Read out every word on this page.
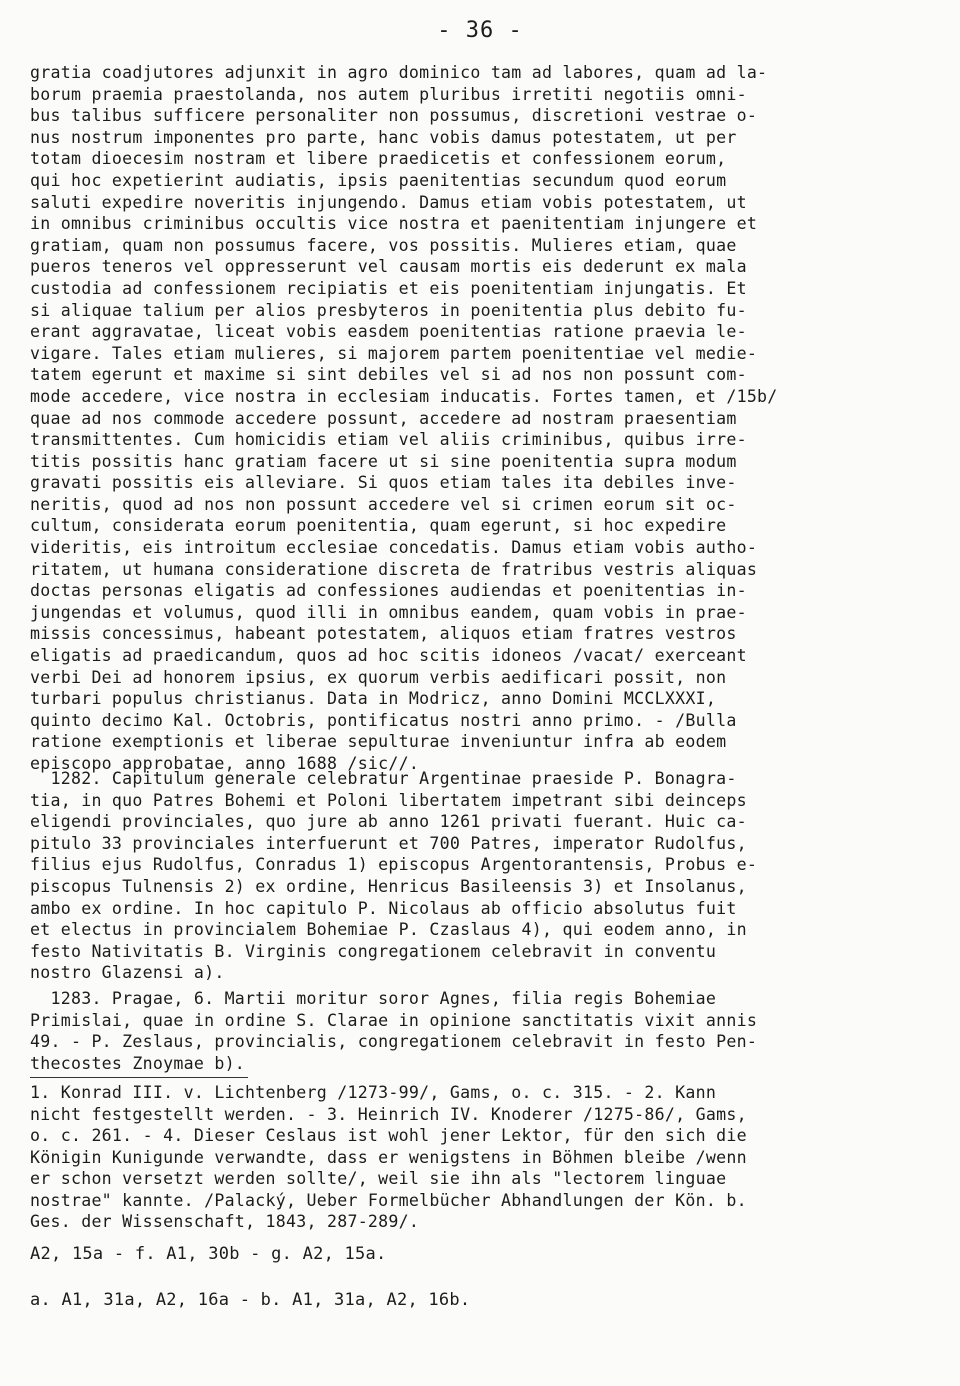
- 36 -
gratia coadjutores adjunxit in agro dominico tam ad labores, quam ad la-
borum praemia praestolanda, nos autem pluribus irretiti negotiis omni-
bus talibus sufficere personaliter non possumus, discretioni vestrae o-
nus nostrum imponentes pro parte, hanc vobis damus potestatem, ut per
totam dioecesim nostram et libere praedicetis et confessionem eorum,
qui hoc expetierint audiatis, ipsis paenitentias secundum quod eorum
saluti expedire noveritis injungendo. Damus etiam vobis potestatem, ut
in omnibus criminibus occultis vice nostra et paenitentiam injungere et
gratiam, quam non possumus facere, vos possitis. Mulieres etiam, quae
pueros teneros vel oppresserunt vel causam mortis eis dederunt ex mala
custodia ad confessionem recipiatis et eis poenitentiam injungatis. Et
si aliquae talium per alios presbyteros in poenitentia plus debito fu-
erant aggravatae, liceat vobis easdem poenitentias ratione praevia le-
vigare. Tales etiam mulieres, si majorem partem poenitentiae vel medie-
tatem egerunt et maxime si sint debiles vel si ad nos non possunt com-
mode accedere, vice nostra in ecclesiam inducatis. Fortes tamen, et /15b/
quae ad nos commode accedere possunt, accedere ad nostram praesentiam
transmittentes. Cum homicidis etiam vel aliis criminibus, quibus irre-
titis possitis hanc gratiam facere ut si sine poenitentia supra modum
gravati possitis eis alleviare. Si quos etiam tales ita debiles inve-
neritis, quod ad nos non possunt accedere vel si crimen eorum sit oc-
cultum, considerata eorum poenitentia, quam egerunt, si hoc expedire
videritis, eis introitum ecclesiae concedatis. Damus etiam vobis autho-
ritatem, ut humana consideratione discreta de fratribus vestris aliquas
doctas personas eligatis ad confessiones audiendas et poenitentias in-
jungendas et volumus, quod illi in omnibus eandem, quam vobis in prae-
missis concessimus, habeant potestatem, aliquos etiam fratres vestros
eligatis ad praedicandum, quos ad hoc scitis idoneos /vacat/ exerceant
verbi Dei ad honorem ipsius, ex quorum verbis aedificari possit, non
turbari populus christianus. Data in Modricz, anno Domini MCCLXXXI,
quinto decimo Kal. Octobris, pontificatus nostri anno primo. - /Bulla
ratione exemptionis et liberae sepulturae inveniuntur infra ab eodem
episcopo approbatae, anno 1688 /sic//.
1282. Capitulum generale celebratur Argentinae praeside P. Bonagra-
tia, in quo Patres Bohemi et Poloni libertatem impetrant sibi deinceps
eligendi provinciales, quo jure ab anno 1261 privati fuerant. Huic ca-
pitulo 33 provinciales interfuerunt et 700 Patres, imperator Rudolfus,
filius ejus Rudolfus, Conradus 1) episcopus Argentorantensis, Probus e-
piscopus Tulnensis 2) ex ordine, Henricus Basileensis 3) et Insolanus,
ambo ex ordine. In hoc capitulo P. Nicolaus ab officio absolutus fuit
et electus in provincialem Bohemiae P. Czaslaus 4), qui eodem anno, in
festo Nativitatis B. Virginis congregationem celebravit in conventu
nostro Glazensi a).
1283. Pragae, 6. Martii moritur soror Agnes, filia regis Bohemiae
Primislai, quae in ordine S. Clarae in opinione sanctitatis vixit annis
49. - P. Zeslaus, provincialis, congregationem celebravit in festo Pen-
thecostes Znoymae b).
1. Konrad III. v. Lichtenberg /1273-99/, Gams, o. c. 315. - 2. Kann
nicht festgestellt werden. - 3. Heinrich IV. Knoderer /1275-86/, Gams,
o. c. 261. - 4. Dieser Ceslaus ist wohl jener Lektor, für den sich die
Königin Kunigunde verwandte, dass er wenigstens in Böhmen bleibe /wenn
er schon versetzt werden sollte/, weil sie ihn als "lectorem linguae
nostrae" kannte. /Palacký, Ueber Formelbücher Abhandlungen der Kön. b.
Ges. der Wissenschaft, 1843, 287-289/.
A2, 15a - f. A1, 30b - g. A2, 15a.
a. A1, 31a, A2, 16a - b. A1, 31a, A2, 16b.
